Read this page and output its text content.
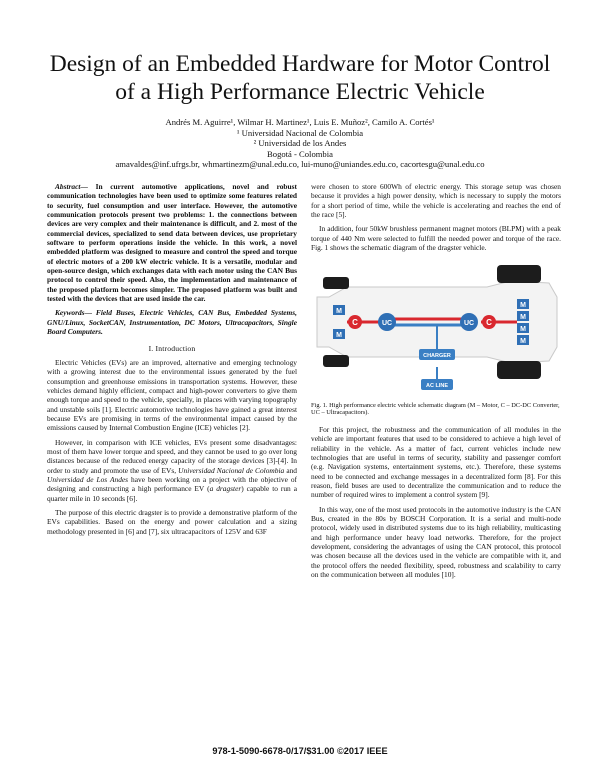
Design of an Embedded Hardware for Motor Control
of a High Performance Electric Vehicle
Andrés M. Aguirre¹, Wilmar H. Martinez¹, Luis E. Muñoz², Camilo A. Cortés¹
¹ Universidad Nacional de Colombia
² Universidad de los Andes
Bogotá - Colombia
amavaldes@inf.ufrgs.br, whmartinezm@unal.edu.co, lui-muno@uniandes.edu.co, cacortesgu@unal.edu.co

Abstract— In current automotive applications, novel and robust communication technologies have been used to optimize some features related to security, fuel consumption and user interface. However, the automotive communication protocols present two problems: 1. the connections between devices are very complex and their maintenance is difficult, and 2. most of the commercial devices, specialized to send data between devices, use proprietary software to perform operations inside the vehicle. In this work, a novel embedded platform was designed to measure and control the speed and torque of electric motors of a 200 kW electric vehicle. It is a versatile, modular and open-source design, which exchanges data with each motor using the CAN Bus protocol to control their speed. Also, the implementation and maintenance of the proposed platform becomes simpler. The proposed platform was built and tested with the devices that are used inside the car.

Keywords— Field Buses, Electric Vehicles, CAN Bus, Embedded Systems, GNU/Linux, SocketCAN, Instrumentation, DC Motors, Ultracapacitors, Single Board Computers.

I. Introduction

Electric Vehicles (EVs) are an improved, alternative and emerging technology with a growing interest due to the environmental issues generated by the fuel consumption and greenhouse emissions in transportation systems. However, these vehicles demand highly efficient, compact and high-power converters to give them enough torque and speed to the vehicle, specially, in places with varying topography and unstable soils [1]. Electric automotive technologies have gained a great interest because EVs are promising in terms of the environmental impact caused by the emissions caused by Internal Combustion Engine (ICE) vehicles [2].

However, in comparison with ICE vehicles, EVs present some disadvantages: most of them have lower torque and speed, and they cannot be used to go over long distances because of the reduced energy capacity of the storage devices [3]-[4]. In order to study and promote the use of EVs, Universidad Nacional de Colombia and Universidad de Los Andes have been working on a project with the objective of designing and constructing a high performance EV (a dragster) capable to run a quarter mile in 10 seconds [6].

The purpose of this electric dragster is to provide a demonstrative platform of the EVs capabilities. Based on the energy and power calculation and a sizing methodology presented in [6] and [7], six ultracapacitors of 125V and 63F

were chosen to store 600Wh of electric energy. This storage setup was chosen because it provides a high power density, which is necessary to supply the motors for a short period of time, while the vehicle is accelerating and reaches the end of the race [5].

In addition, four 50kW brushless permanent magnet motors (BLPM) with a peak torque of 440 Nm were selected to fulfill the needed power and torque of the race. Fig. 1 shows the schematic diagram of the dragster vehicle.

M
M
C	UC	UC C
M
M
M
M
CHARGER
AC LINE

Fig. 1. High performance electric vehicle schematic diagram (M – Motor, C – DC-DC Converter, UC – Ultracapacitors).

For this project, the robustness and the communication of all modules in the vehicle are important features that used to be considered to achieve a high level of reliability in the vehicle. As a matter of fact, current vehicles include new technologies that are useful in terms of security, stability and passenger comfort (e.g. Navigation systems, entertainment systems, etc.). Therefore, these systems need to be connected and exchange messages in a decentralized form [8]. For this reason, field buses are used to decentralize the communication and to reduce the number of required wires to implement a control system [9].

In this way, one of the most used protocols in the automotive industry is the CAN Bus, created in the 80s by BOSCH Corporation. It is a serial and multi-node protocol, widely used in distributed systems due to its high reliability, multicasting and high performance under heavy load networks. Therefore, for the project development, considering the advantages of using the CAN protocol, this protocol was chosen because all the devices used in the vehicle are compatible with it, and the protocol offers the needed flexibility, speed, robustness and scalability to carry on the communication between all modules [10].

978-1-5090-6678-0/17/$31.00 ©2017 IEEE
